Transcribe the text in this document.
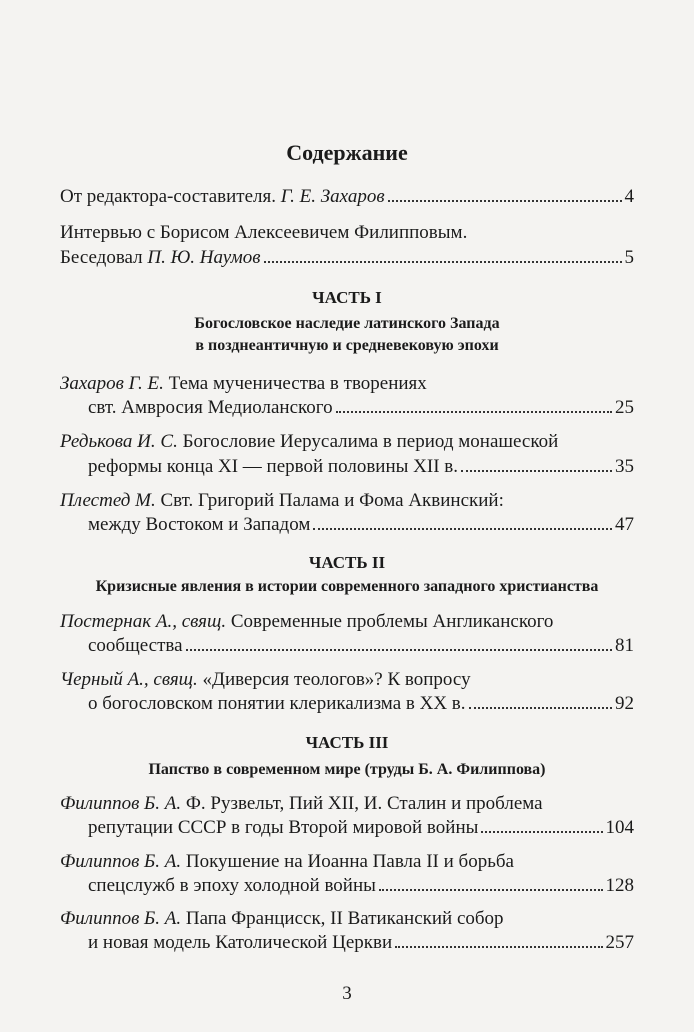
Содержание
От редактора-составителя. Г. Е. Захаров	4
Интервью с Борисом Алексеевичем Филипповым.
Беседовал П. Ю. Наумов	5
ЧАСТЬ I
Богословское наследие латинского Запада
в позднеантичную и средневековую эпохи
Захаров Г. Е. Тема мученичества в творениях
свт. Амвросия Медиоланского	25
Редькова И. С. Богословие Иерусалима в период монашеской
реформы конца XI — первой половины XII в.	35
Плестед М. Свт. Григорий Палама и Фома Аквинский:
между Востоком и Западом	47
ЧАСТЬ II
Кризисные явления в истории современного западного христианства
Постернак А., свящ. Современные проблемы Англиканского
сообщества	81
Черный А., свящ. «Диверсия теологов»? К вопросу
о богословском понятии клерикализма в XX в.	92
ЧАСТЬ III
Папство в современном мире (труды Б. А. Филиппова)
Филиппов Б. А. Ф. Рузвельт, Пий XII, И. Сталин и проблема
репутации СССР в годы Второй мировой войны	104
Филиппов Б. А. Покушение на Иоанна Павла II и борьба
спецслужб в эпоху холодной войны	128
Филиппов Б. А. Папа Францисск, II Ватиканский собор
и новая модель Католической Церкви	257
3
